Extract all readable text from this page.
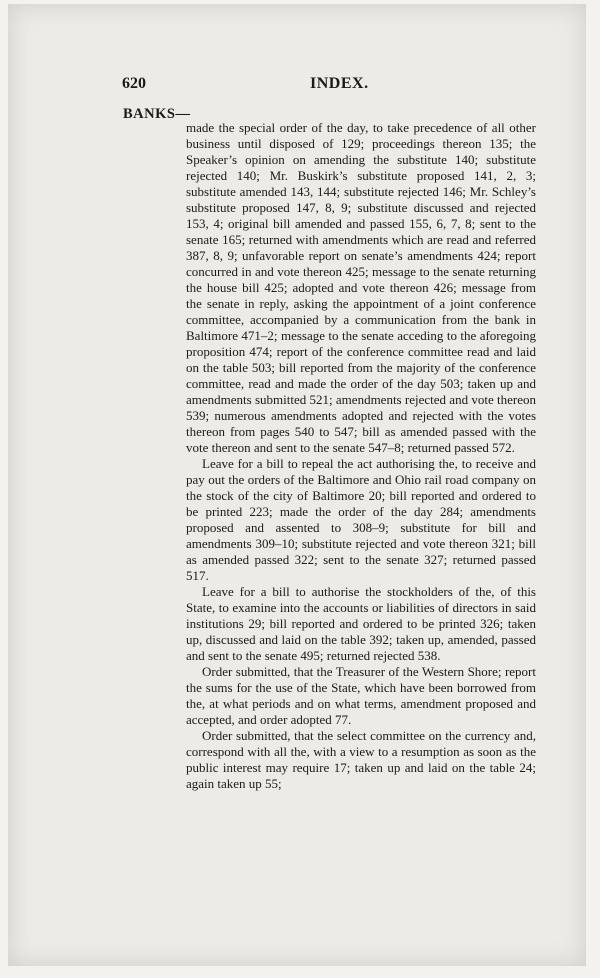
620	INDEX.
BANKS—

made the special order of the day, to take precedence of all other business until disposed of 129; proceedings thereon 135; the Speaker’s opinion on amending the substitute 140; substitute rejected 140; Mr. Buskirk’s substitute proposed 141, 2, 3; substitute amended 143, 144; substitute rejected 146; Mr. Schley’s substitute proposed 147, 8, 9; substitute discussed and rejected 153, 4; original bill amended and passed 155, 6, 7, 8; sent to the senate 165; returned with amendments which are read and referred 387, 8, 9; unfavorable report on senate’s amendments 424; report concurred in and vote thereon 425; message to the senate returning the house bill 425; adopted and vote thereon 426; message from the senate in reply, asking the appointment of a joint conference committee, accompanied by a communication from the bank in Baltimore 471–2; message to the senate acceding to the aforegoing proposition 474; report of the conference committee read and laid on the table 503; bill reported from the majority of the conference committee, read and made the order of the day 503; taken up and amendments submitted 521; amendments rejected and vote thereon 539; numerous amendments adopted and rejected with the votes thereon from pages 540 to 547; bill as amended passed with the vote thereon and sent to the senate 547–8; returned passed 572.

Leave for a bill to repeal the act authorising the, to receive and pay out the orders of the Baltimore and Ohio rail road company on the stock of the city of Baltimore 20; bill reported and ordered to be printed 223; made the order of the day 284; amendments proposed and assented to 308–9; substitute for bill and amendments 309–10; substitute rejected and vote thereon 321; bill as amended passed 322; sent to the senate 327; returned passed 517.

Leave for a bill to authorise the stockholders of the, of this State, to examine into the accounts or liabilities of directors in said institutions 29; bill reported and ordered to be printed 326; taken up, discussed and laid on the table 392; taken up, amended, passed and sent to the senate 495; returned rejected 538.

Order submitted, that the Treasurer of the Western Shore; report the sums for the use of the State, which have been borrowed from the, at what periods and on what terms, amendment proposed and accepted, and order adopted 77.

Order submitted, that the select committee on the currency and, correspond with all the, with a view to a resumption as soon as the public interest may require 17; taken up and laid on the table 24; again taken up 55;
